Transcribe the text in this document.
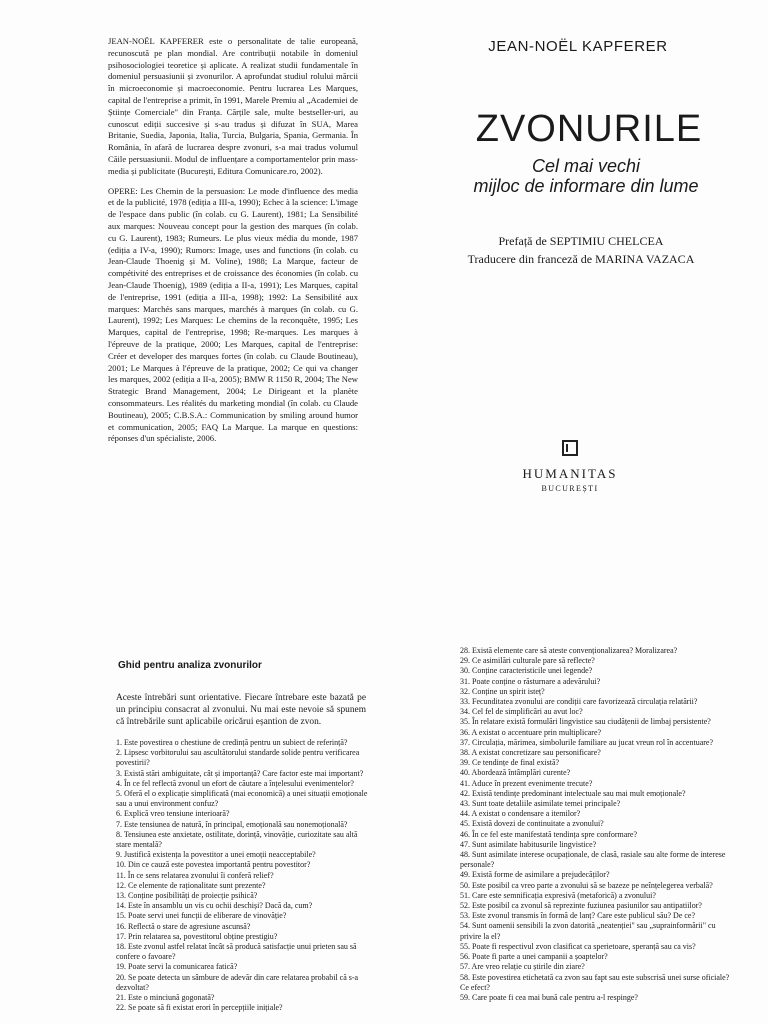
JEAN-NOËL KAPFERER este o personalitate de talie europeană, recunoscută pe plan mondial. Are contribuții notabile în domeniul psihosociologiei teoretice și aplicate. A realizat studii fundamentale în domeniul persuasiunii și zvonurilor. A aprofundat studiul rolului mărcii în microeconomie și macroeconomie. Pentru lucrarea Les Marques, capital de l'entreprise a primit, în 1991, Marele Premiu al „Academiei de Științe Comerciale" din Franța. Cărțile sale, multe bestseller-uri, au cunoscut ediții succesive și s-au tradus și difuzat în SUA, Marea Britanie, Suedia, Japonia, Italia, Turcia, Bulgaria, Spania, Germania. În România, în afară de lucrarea despre zvonuri, s-a mai tradus volumul Căile persuasiunii. Modul de influențare a comportamentelor prin mass-media și publicitate (București, Editura Comunicare.ro, 2002).

OPERE: Les Chemin de la persuasion: Le mode d'influence des media et de la publicité, 1978 (ediția a III-a, 1990); Echec à la science: L'image de l'espace dans public (în colab. cu G. Laurent), 1981; La Sensibilité aux marques: Nouveau concept pour la gestion des marques (în colab. cu G. Laurent), 1983; Rumeurs. Le plus vieux média du monde, 1987 (ediția a IV-a, 1990); Rumors: Image, uses and functions (în colab. cu Jean-Claude Thoenig și M. Voline), 1988; La Marque, facteur de compétivité des entreprises et de croissance des économies (în colab. cu Jean-Claude Thoenig), 1989 (ediția a II-a, 1991); Les Marques, capital de l'entreprise, 1991 (ediția a III-a, 1998); 1992: La Sensibilité aux marques: Marchés sans marques, marchés à marques (în colab. cu G. Laurent), 1992; Les Marques: Le chemins de la reconquête, 1995; Les Marques, capital de l'entreprise, 1998; Re-marques. Les marques à l'épreuve de la pratique, 2000; Les Marques, capital de l'entreprise: Créer et developer des marques fortes (în colab. cu Claude Boutineau), 2001; Le Marques à l'épreuve de la pratique, 2002; Ce qui va changer les marques, 2002 (ediția a II-a, 2005); BMW R 1150 R, 2004; The New Strategic Brand Management, 2004; Le Dirigeant et la planète consommateurs. Les réalités du marketing mondial (în colab. cu Claude Boutineau), 2005; C.B.S.A.: Communication by smiling around humor et communication, 2005; FAQ La Marque. La marque en questions: réponses d'un spécialiste, 2006.

JEAN-NOËL KAPFERER
ZVONURILE
Cel mai vechi
mijloc de informare din lume
Prefață de SEPTIMIU CHELCEA
Traducere din franceză de MARINA VAZACA
HUMANITAS
BUCUREȘTI
Ghid pentru analiza zvonurilor
Aceste întrebări sunt orientative. Fiecare întrebare este bazată pe un principiu consacrat al zvonului. Nu mai este nevoie să spunem că întrebările sunt aplicabile oricărui eșantion de zvon.
1. Este povestirea o chestiune de credință pentru un subiect de referință?
2. Lipsesc vorbitorului sau ascultătorului standarde solide pentru verificarea povestirii?
3. Există stări ambiguitate, cât și importanță? Care factor este mai important?
4. În ce fel reflectă zvonul un efort de căutare a înțelesului evenimentelor?
5. Oferă el o explicație simplificată (mai economică) a unei situații emoționale sau a unui environment confuz?
6. Explică vreo tensiune interioară?
7. Este tensiunea de natură, în principal, emoțională sau nonemoțională?
8. Tensiunea este anxietate, ostilitate, dorință, vinovăție, curiozitate sau altă stare mentală?
9. Justifică existența la povestitor a unei emoții neacceptabile?
10. Din ce cauză este povestea importantă pentru povestitor?
11. În ce sens relatarea zvonului îi conferă relief?
12. Ce elemente de raționalitate sunt prezente?
13. Conține posibilități de proiecție psihică?
14. Este în ansamblu un vis cu ochii deschiși? Dacă da, cum?
15. Poate servi unei funcții de eliberare de vinovăție?
16. Reflectă o stare de agresiune ascunsă?
17. Prin relatarea sa, povestitorul obține prestigiu?
18. Este zvonul astfel relatat încât să producă satisfacție unui prieten sau să confere o favoare?
19. Poate servi la comunicarea fatică?
20. Se poate detecta un sâmbure de adevăr din care relatarea probabil că s-a dezvoltat?
21. Este o minciună gogonată?
22. Se poate să fi existat erori în percepțiile inițiale?
28. Există elemente care să ateste convenționalizarea? Moralizarea?
29. Ce asimilări culturale pare să reflecte?
30. Conține caracteristicile unei legende?
31. Poate conține o răsturnare a adevărului?
32. Conține un spirit isteț?
33. Fecunditatea zvonului are condiții care favorizează circulația relatării?
34. Cel fel de simplificări au avut loc?
35. În relatare există formulări lingvistice sau ciudățenii de limbaj persistente?
36. A existat o accentuare prin multiplicare?
37. Circulația, mărimea, simbolurile familiare au jucat vreun rol în accentuare?
38. A existat concretizare sau personificare?
39. Ce tendințe de final există?
40. Abordează întâmplări curente?
41. Aduce în prezent evenimente trecute?
42. Există tendințe predominant intelectuale sau mai mult emoționale?
43. Sunt toate detaliile asimilate temei principale?
44. A existat o condensare a itemilor?
45. Există dovezi de continuitate a zvonului?
46. În ce fel este manifestată tendința spre conformare?
47. Sunt asimilate habitusurile lingvistice?
48. Sunt asimilate interese ocupaționale, de clasă, rasiale sau alte forme de interese personale?
49. Există forme de asimilare a prejudecăților?
50. Este posibil ca vreo parte a zvonului să se bazeze pe neînțelegerea verbală?
51. Care este semnificația expresivă (metaforică) a zvonului?
52. Este posibil ca zvonul să reprezinte fuziunea pasiunilor sau antipatiilor?
53. Este zvonul transmis în formă de lanț? Care este publicul său? De ce?
54. Sunt oamenii sensibili la zvon datorită „neatenției" sau „suprainformării" cu privire la el?
55. Poate fi respectivul zvon clasificat ca sperietoare, speranță sau ca vis?
56. Poate fi parte a unei campanii a șoaptelor?
57. Are vreo relație cu știrile din ziare?
58. Este povestirea etichetată ca zvon sau fapt sau este subscrisă unei surse oficiale? Ce efect?
59. Care poate fi cea mai bună cale pentru a-l respinge?
